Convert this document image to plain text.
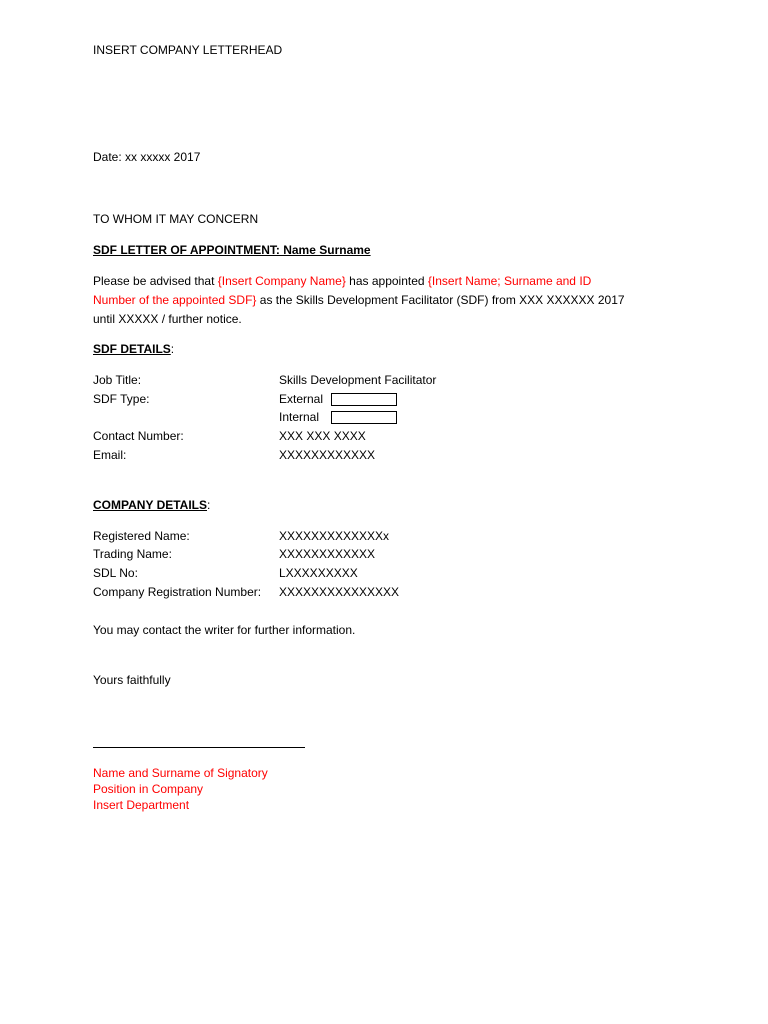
INSERT COMPANY LETTERHEAD
Date: xx xxxxx 2017
TO WHOM IT MAY CONCERN
SDF LETTER OF APPOINTMENT: Name Surname
Please be advised that {Insert Company Name} has appointed {Insert Name; Surname and ID
Number of the appointed SDF} as the Skills Development Facilitator (SDF) from XXX XXXXXX 2017
until XXXXX / further notice.
SDF DETAILS:
Job Title:	Skills Development Facilitator
SDF Type:	External
Internal
Contact Number:	XXX XXX XXXX
Email:	XXXXXXXXXXXX
COMPANY DETAILS:
Registered Name:	XXXXXXXXXXXXXx
Trading Name:	XXXXXXXXXXXX
SDL No:	LXXXXXXXXX
Company Registration Number: XXXXXXXXXXXXXXX
You may contact the writer for further information.
Yours faithfully
Name and Surname of Signatory
Position in Company
Insert Department
